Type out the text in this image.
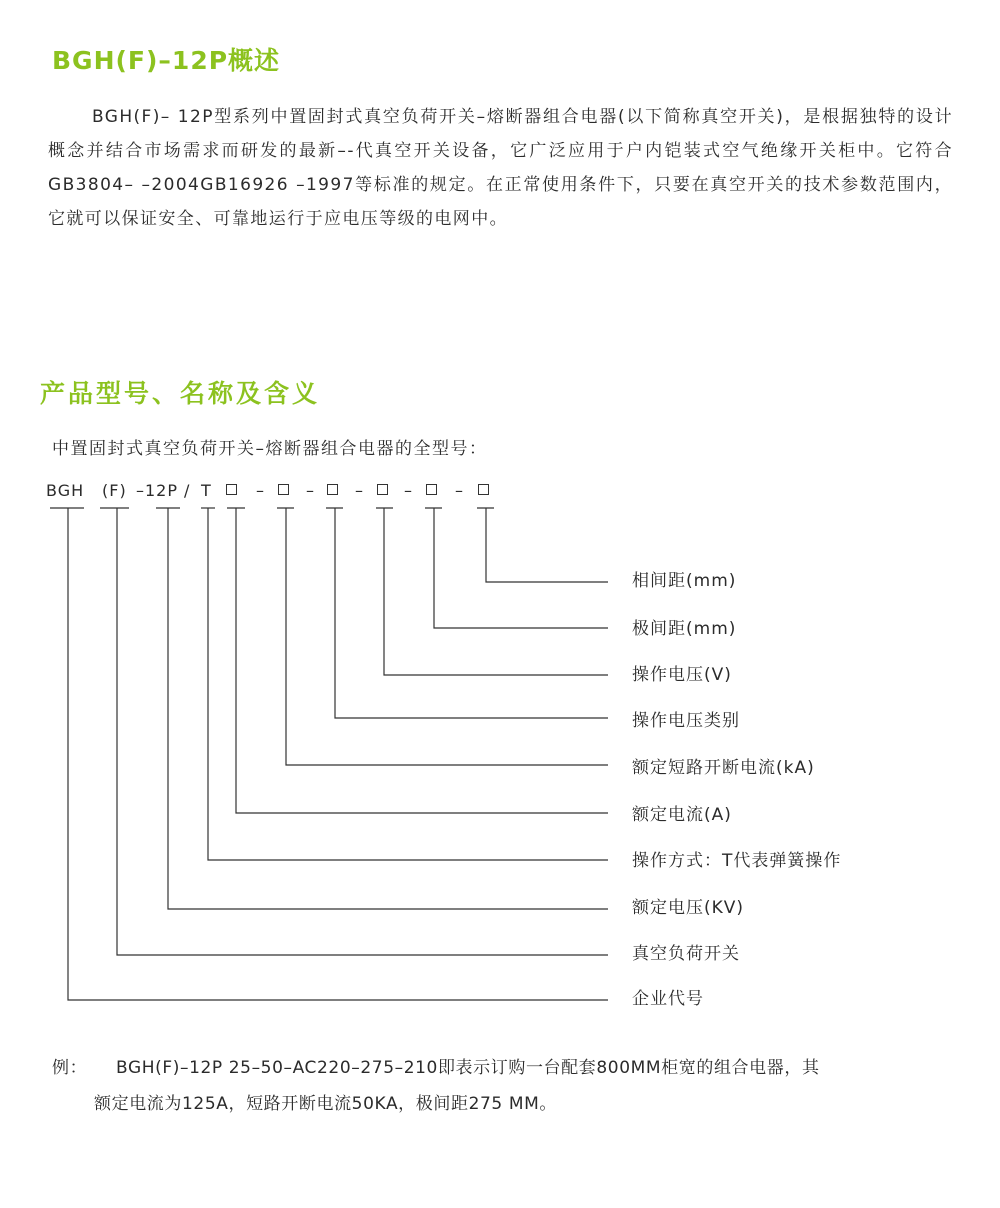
BGH(F)–12P概述

BGH(F)– 12P型系列中置固封式真空负荷开关–熔断器组合电器(以下简称真空开关)，是根据独特的设计概念并结合市场需求而研发的最新–-代真空开关设备，它广泛应用于户内铠装式空气绝缘开关柜中。它符合GB3804– –2004GB16926 –1997等标准的规定。在正常使用条件下，只要在真空开关的技术参数范围内，它就可以保证安全、可靠地运行于应电压等级的电网中。

产品型号、名称及含义

中置固封式真空负荷开关–熔断器组合电器的全型号：

BGH (F) –12P / T	–	–	–	–	–
相间距(mm)
极间距(mm)
操作电压(V)
操作电压类别
额定短路开断电流(kA)
额定电流(A)
操作方式：T代表弹簧操作
额定电压(KV)
真空负荷开关
企业代号

例： BGH(F)–12P 25–50–AC220–275–210即表示订购一台配套800MM柜宽的组合电器，其
额定电流为125A，短路开断电流50KA，极间距275 MM。
